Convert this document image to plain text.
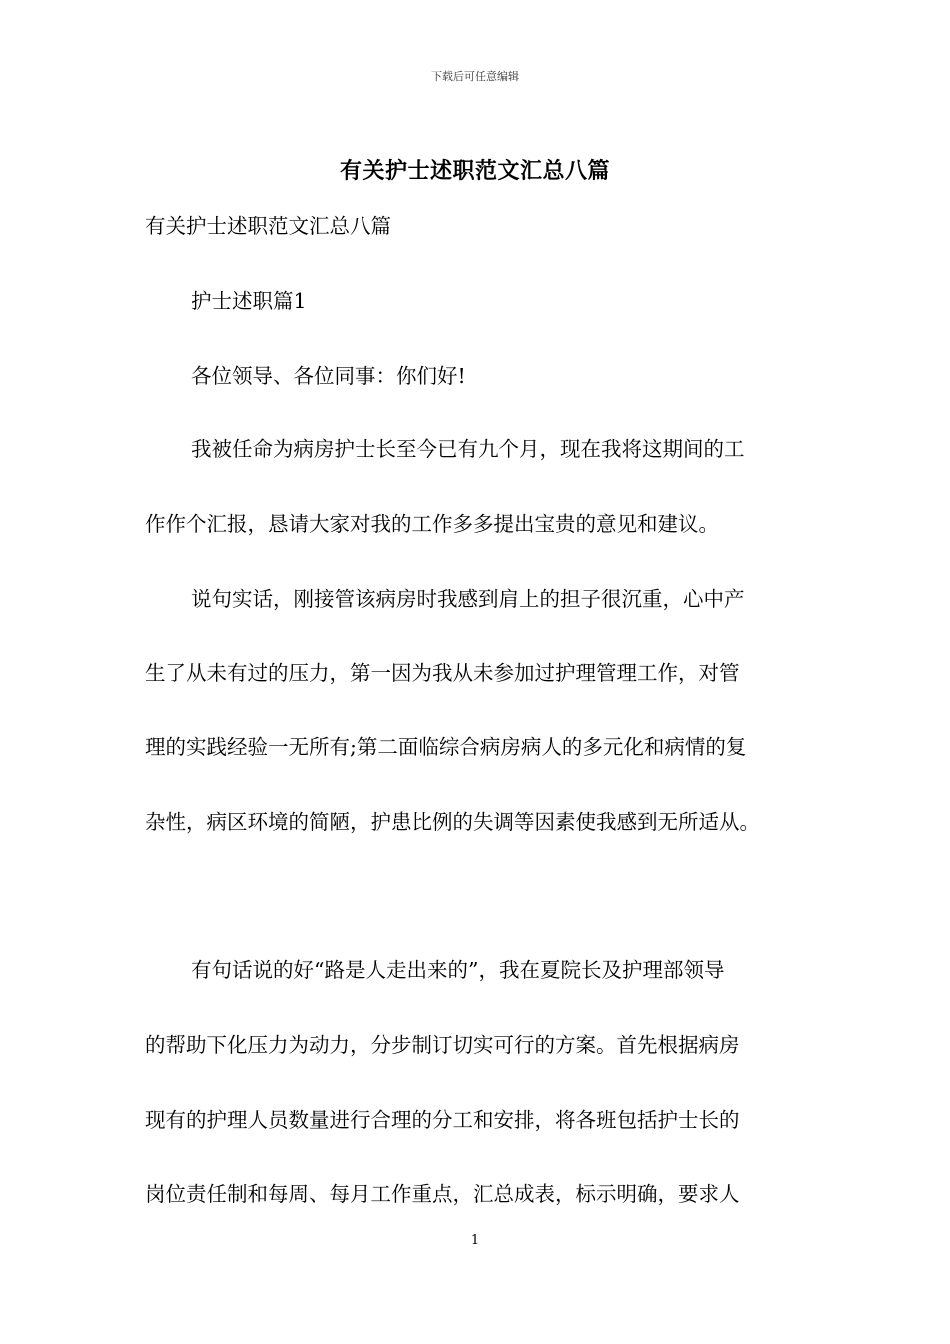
下载后可任意编辑
有关护士述职范文汇总八篇
有关护士述职范文汇总八篇
护士述职篇1
各位领导、各位同事：你们好!
我被任命为病房护士长至今已有九个月，现在我将这期间的工
作作个汇报，恳请大家对我的工作多多提出宝贵的意见和建议。
说句实话，刚接管该病房时我感到肩上的担子很沉重，心中产
生了从未有过的压力，第一因为我从未参加过护理管理工作，对管
理的实践经验一无所有;第二面临综合病房病人的多元化和病情的复
杂性，病区环境的简陋，护患比例的失调等因素使我感到无所适从。
有句话说的好“路是人走出来的”，我在夏院长及护理部领导
的帮助下化压力为动力，分步制订切实可行的方案。首先根据病房
现有的护理人员数量进行合理的分工和安排，将各班包括护士长的
岗位责任制和每周、每月工作重点，汇总成表，标示明确，要求人
1
